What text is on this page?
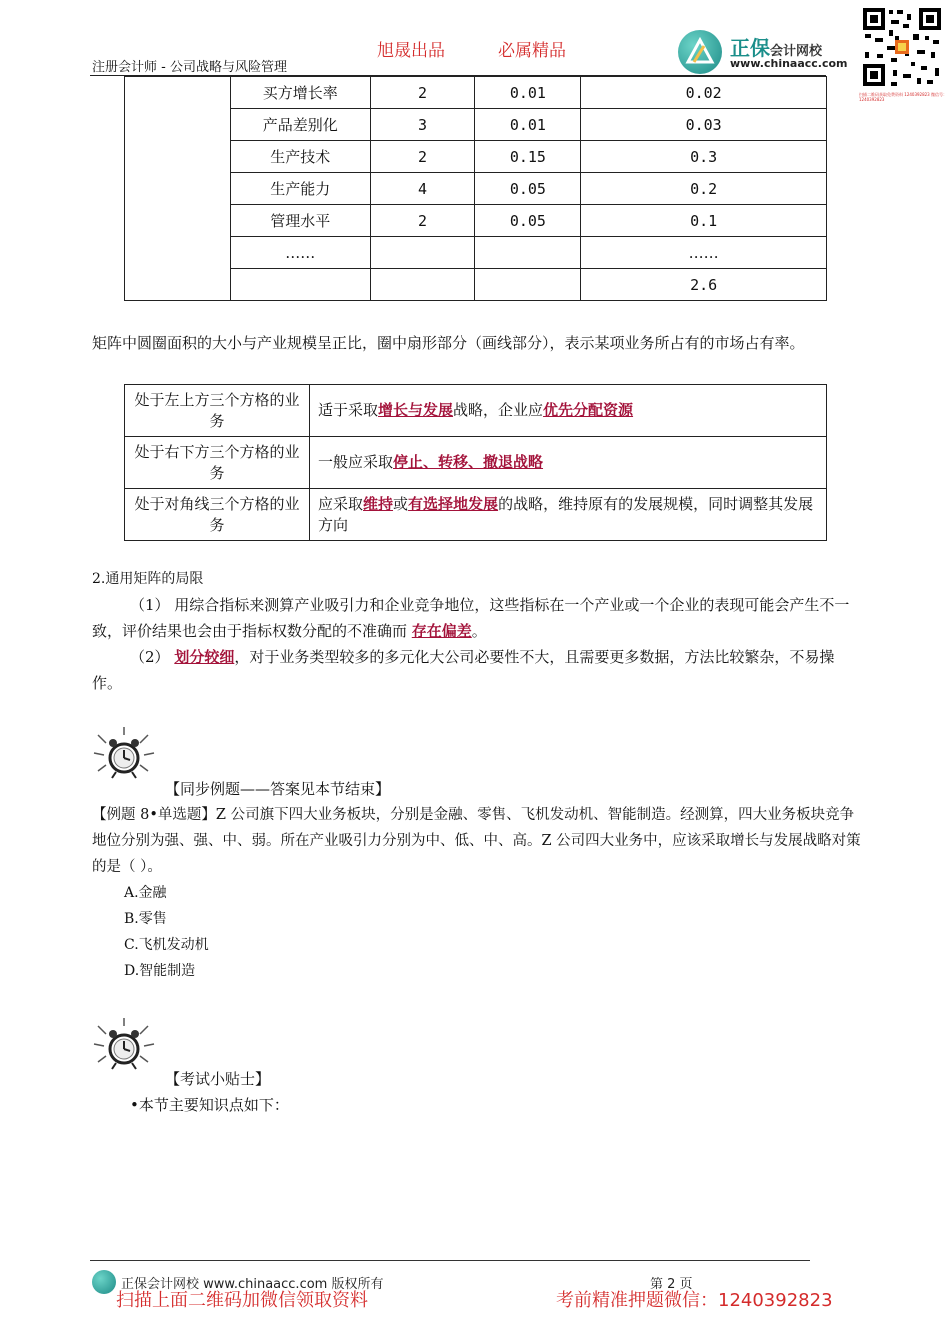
旭晟出品	必属精品
注册会计师 - 公司战略与风险管理
正保会计网校
www.chinaacc.com
扫描二维码获取免费资料 1240392823 微信号：1240392823
	买方增长率	2	0.01	0.02
	产品差别化	3	0.01	0.03
	生产技术	2	0.15	0.3
	生产能力	4	0.05	0.2
	管理水平	2	0.05	0.1
	……			……
				2.6
矩阵中圆圈面积的大小与产业规模呈正比，圈中扇形部分（画线部分），表示某项业务所占有的市场占有率。
处于左上方三个方格的业务	适于采取增长与发展战略，企业应优先分配资源
处于右下方三个方格的业务	一般应采取停止、转移、撤退战略
处于对角线三个方格的业务	应采取维持或有选择地发展的战略，维持原有的发展规模，同时调整其发展方向
2.通用矩阵的局限
（1） 用综合指标来测算产业吸引力和企业竞争地位，这些指标在一个产业或一个企业的表现可能会产生不一致，评价结果也会由于指标权数分配的不准确而 存在偏差。
（2） 划分较细，对于业务类型较多的多元化大公司必要性不大，且需要更多数据，方法比较繁杂，不易操作。
【同步例题——答案见本节结束】
【例题 8•单选题】Z 公司旗下四大业务板块，分别是金融、零售、飞机发动机、智能制造。经测算，四大业务板块竞争地位分别为强、强、中、弱。所在产业吸引力分别为中、低、中、高。Z 公司四大业务中，应该采取增长与发展战略对策的是（ ）。
A.金融
B.零售
C.飞机发动机
D.智能制造
【考试小贴士】
•本节主要知识点如下：
正保会计网校 www.chinaacc.com 版权所有	第 2 页
扫描上面二维码加微信领取资料	考前精准押题微信：1240392823
